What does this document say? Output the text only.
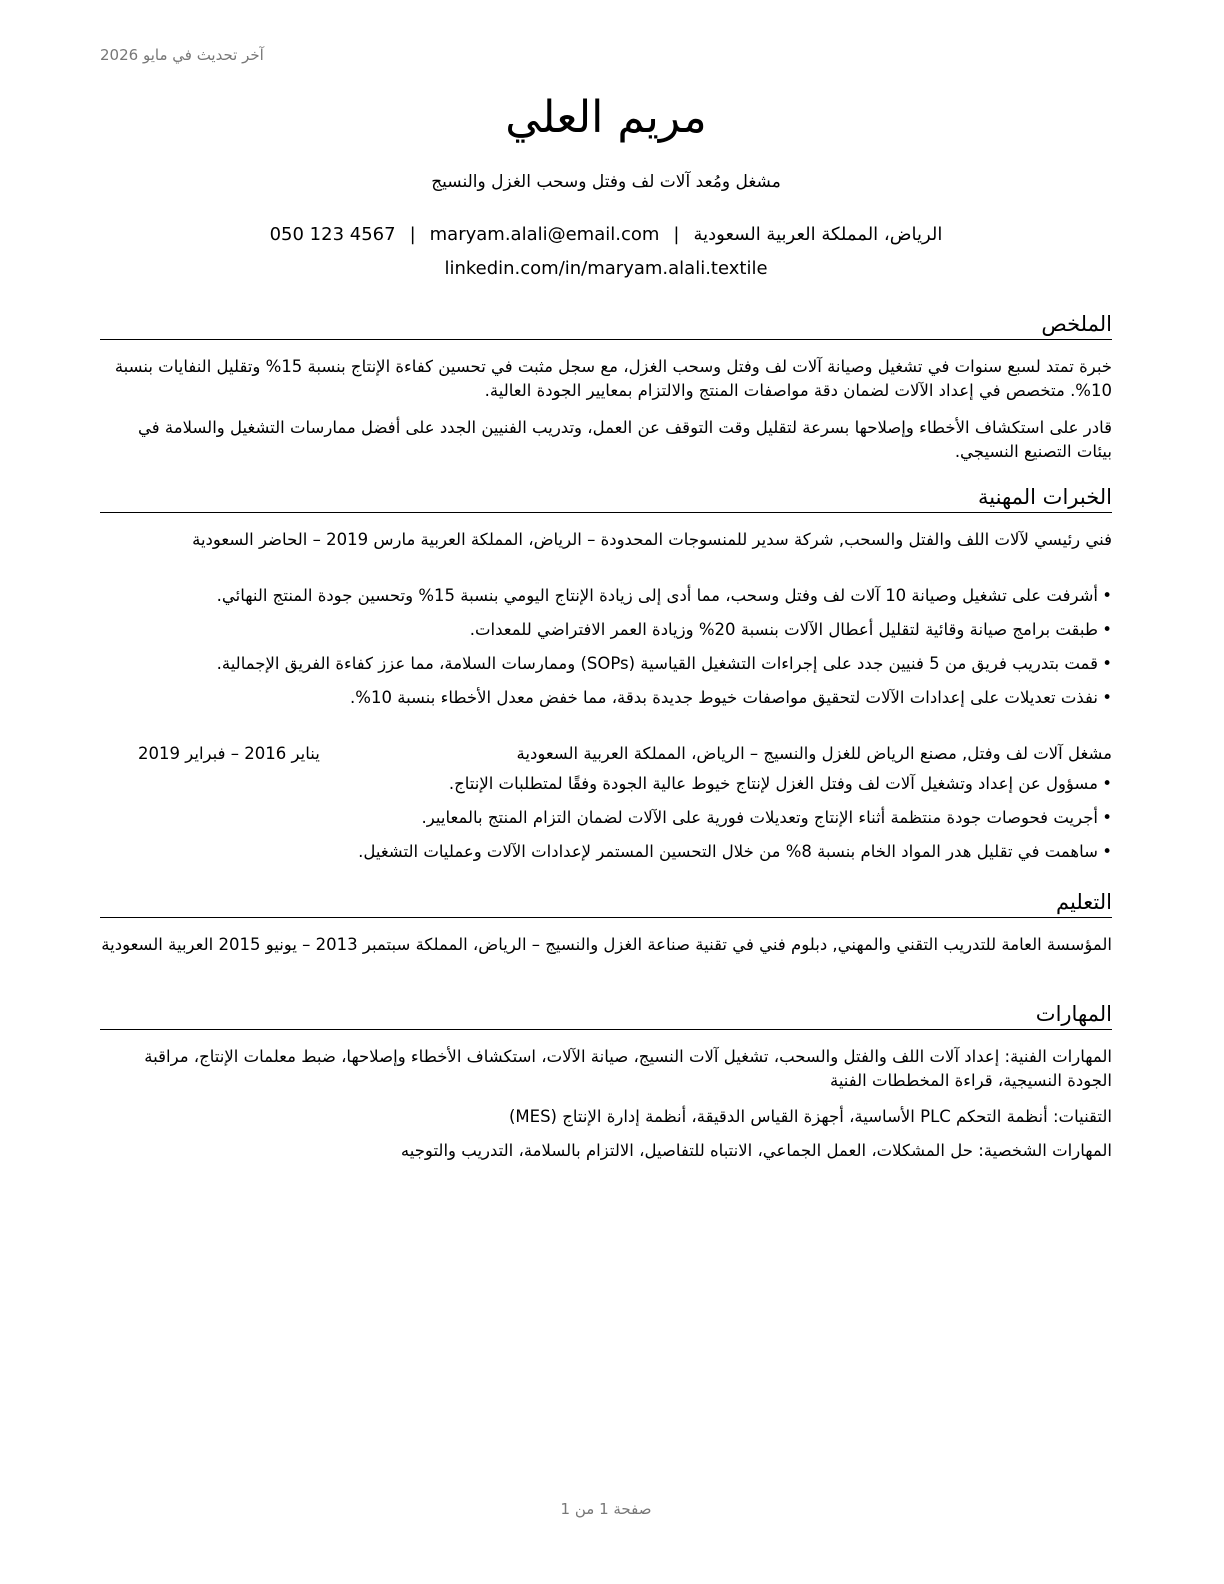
آخر تحديث في مايو 2026
مريم العلي
مشغل ومُعد آلات لف وفتل وسحب الغزل والنسيج
الرياض، المملكة العربية السعودية|maryam.alali@email.com|050 123 4567
linkedin.com/in/maryam.alali.textile
الملخص
خبرة تمتد لسبع سنوات في تشغيل وصيانة آلات لف وفتل وسحب الغزل، مع سجل مثبت في تحسين كفاءة الإنتاج بنسبة 15% وتقليل النفايات بنسبة 10%. متخصص في إعداد الآلات لضمان دقة مواصفات المنتج والالتزام بمعايير الجودة العالية.
قادر على استكشاف الأخطاء وإصلاحها بسرعة لتقليل وقت التوقف عن العمل، وتدريب الفنيين الجدد على أفضل ممارسات التشغيل والسلامة في بيئات التصنيع النسيجي.
الخبرات المهنية
فني رئيسي لآلات اللف والفتل والسحب, شركة سدير للمنسوجات المحدودة – الرياض، المملكة العربية مارس 2019 – الحاضر السعودية
•أشرفت على تشغيل وصيانة 10 آلات لف وفتل وسحب، مما أدى إلى زيادة الإنتاج اليومي بنسبة 15% وتحسين جودة المنتج النهائي.
•طبقت برامج صيانة وقائية لتقليل أعطال الآلات بنسبة 20% وزيادة العمر الافتراضي للمعدات.
•قمت بتدريب فريق من 5 فنيين جدد على إجراءات التشغيل القياسية (SOPs) وممارسات السلامة، مما عزز كفاءة الفريق الإجمالية.
•نفذت تعديلات على إعدادات الآلات لتحقيق مواصفات خيوط جديدة بدقة، مما خفض معدل الأخطاء بنسبة 10%.
مشغل آلات لف وفتل, مصنع الرياض للغزل والنسيج – الرياض، المملكة العربية السعودية
يناير 2016 – فبراير 2019
•مسؤول عن إعداد وتشغيل آلات لف وفتل الغزل لإنتاج خيوط عالية الجودة وفقًا لمتطلبات الإنتاج.
•أجريت فحوصات جودة منتظمة أثناء الإنتاج وتعديلات فورية على الآلات لضمان التزام المنتج بالمعايير.
•ساهمت في تقليل هدر المواد الخام بنسبة 8% من خلال التحسين المستمر لإعدادات الآلات وعمليات التشغيل.
التعليم
المؤسسة العامة للتدريب التقني والمهني, دبلوم فني في تقنية صناعة الغزل والنسيج – الرياض، المملكة سبتمبر 2013 – يونيو 2015 العربية السعودية
المهارات
المهارات الفنية: إعداد آلات اللف والفتل والسحب، تشغيل آلات النسيج، صيانة الآلات، استكشاف الأخطاء وإصلاحها، ضبط معلمات الإنتاج، مراقبة الجودة النسيجية، قراءة المخططات الفنية
التقنيات: أنظمة التحكم PLC الأساسية، أجهزة القياس الدقيقة، أنظمة إدارة الإنتاج (MES)
المهارات الشخصية: حل المشكلات، العمل الجماعي، الانتباه للتفاصيل، الالتزام بالسلامة، التدريب والتوجيه
صفحة 1 من 1
